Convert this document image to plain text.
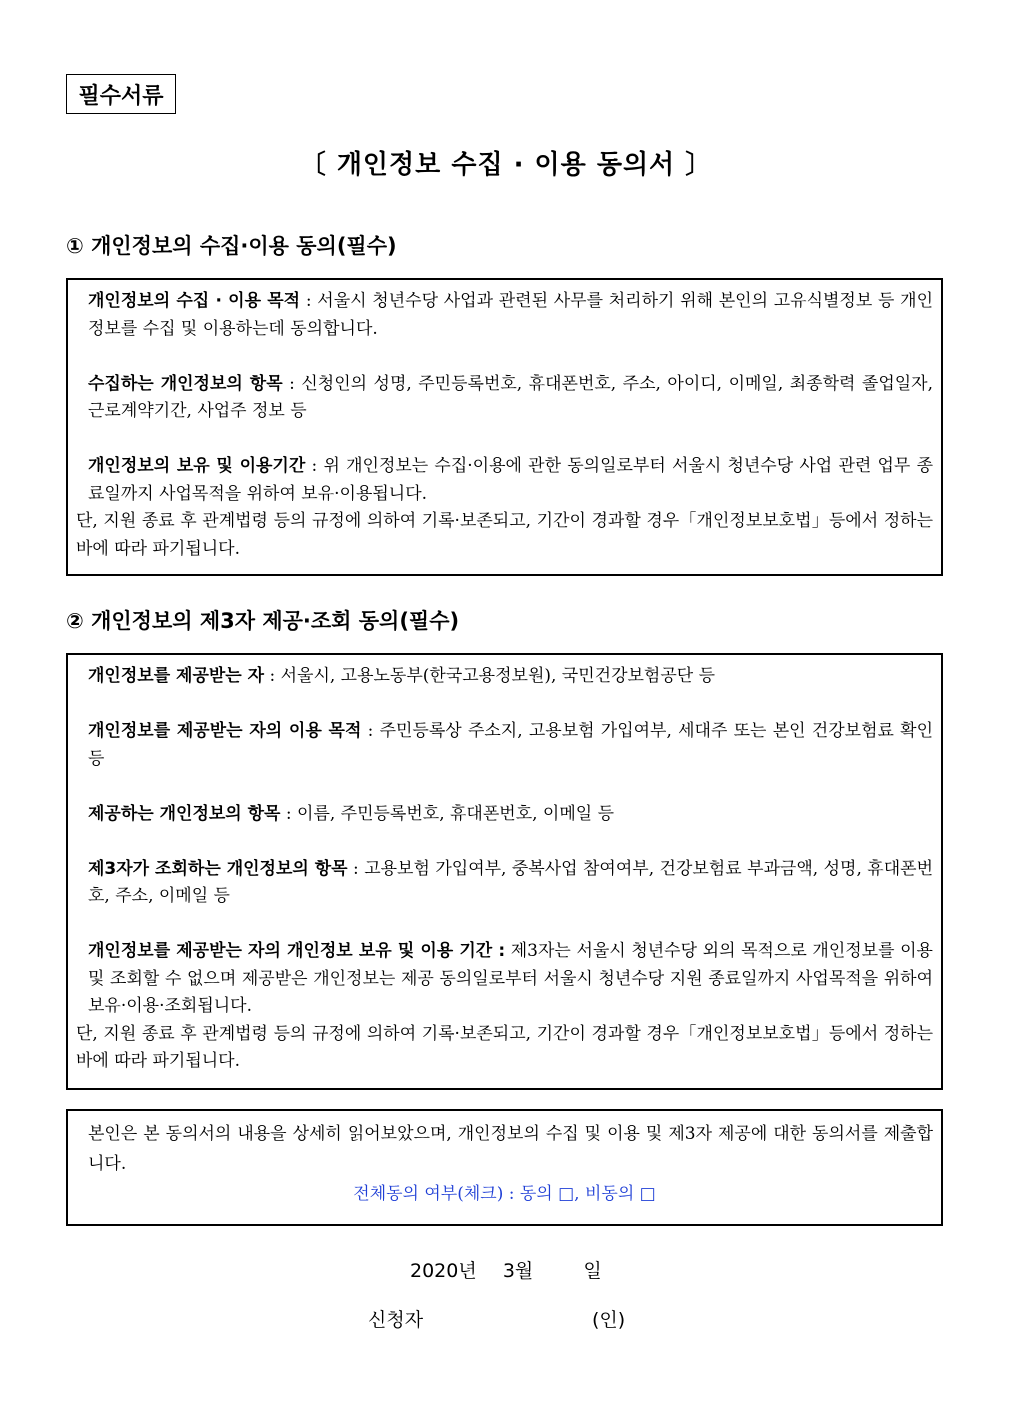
필수서류
〔 개인정보 수집 · 이용 동의서 〕
① 개인정보의 수집·이용 동의(필수)

개인정보의 수집 · 이용 목적 : 서울시 청년수당 사업과 관련된 사무를 처리하기 위해 본인의 고유식별정보 등 개인정보를 수집 및 이용하는데 동의합니다.

수집하는 개인정보의 항목 : 신청인의 성명, 주민등록번호, 휴대폰번호, 주소, 아이디, 이메일, 최종학력 졸업일자, 근로계약기간, 사업주 정보 등

개인정보의 보유 및 이용기간 : 위 개인정보는 수집·이용에 관한 동의일로부터 서울시 청년수당 사업 관련 업무 종료일까지 사업목적을 위하여 보유·이용됩니다.

단, 지원 종료 후 관계법령 등의 규정에 의하여 기록·보존되고, 기간이 경과할 경우「개인정보보호법」등에서 정하는 바에 따라 파기됩니다.

② 개인정보의 제3자 제공·조회 동의(필수)

개인정보를 제공받는 자 : 서울시, 고용노동부(한국고용정보원), 국민건강보험공단 등

개인정보를 제공받는 자의 이용 목적 : 주민등록상 주소지, 고용보험 가입여부, 세대주 또는 본인 건강보험료 확인 등

제공하는 개인정보의 항목 : 이름, 주민등록번호, 휴대폰번호, 이메일 등

제3자가 조회하는 개인정보의 항목 : 고용보험 가입여부, 중복사업 참여여부, 건강보험료 부과금액, 성명, 휴대폰번호, 주소, 이메일 등

개인정보를 제공받는 자의 개인정보 보유 및 이용 기간 : 제3자는 서울시 청년수당 외의 목적으로 개인정보를 이용 및 조회할 수 없으며 제공받은 개인정보는 제공 동의일로부터 서울시 청년수당 지원 종료일까지 사업목적을 위하여 보유·이용·조회됩니다.

단, 지원 종료 후 관계법령 등의 규정에 의하여 기록·보존되고, 기간이 경과할 경우「개인정보보호법」등에서 정하는 바에 따라 파기됩니다.

본인은 본 동의서의 내용을 상세히 읽어보았으며, 개인정보의 수집 및 이용 및 제3자 제공에 대한 동의서를 제출합니다.

전체동의 여부(체크) : 동의 □, 비동의 □

2020년 3월	일
신청자	(인)
